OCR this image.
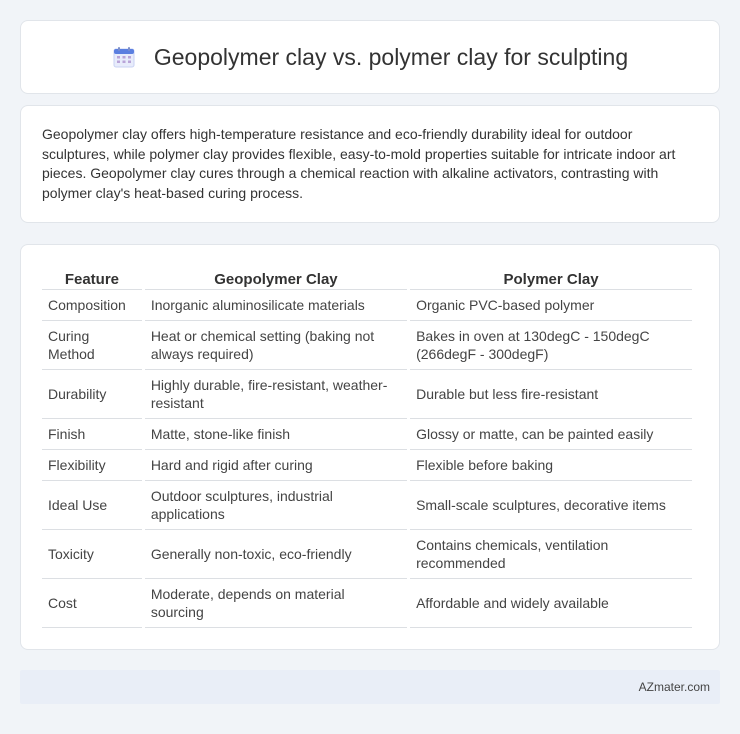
Geopolymer clay vs. polymer clay for sculpting

Geopolymer clay offers high-temperature resistance and eco-friendly durability ideal for outdoor sculptures, while polymer clay provides flexible, easy-to-mold properties suitable for intricate indoor art pieces. Geopolymer clay cures through a chemical reaction with alkaline activators, contrasting with polymer clay's heat-based curing process.

Feature	Geopolymer Clay	Polymer Clay
Composition	Inorganic aluminosilicate materials	Organic PVC-based polymer
Curing Method	Heat or chemical setting (baking not always required)	Bakes in oven at 130degC - 150degC (266degF - 300degF)
Durability	Highly durable, fire-resistant, weather-resistant	Durable but less fire-resistant
Finish	Matte, stone-like finish	Glossy or matte, can be painted easily
Flexibility	Hard and rigid after curing	Flexible before baking
Ideal Use	Outdoor sculptures, industrial applications	Small-scale sculptures, decorative items
Toxicity	Generally non-toxic, eco-friendly	Contains chemicals, ventilation recommended
Cost	Moderate, depends on material sourcing	Affordable and widely available
AZmater.com
